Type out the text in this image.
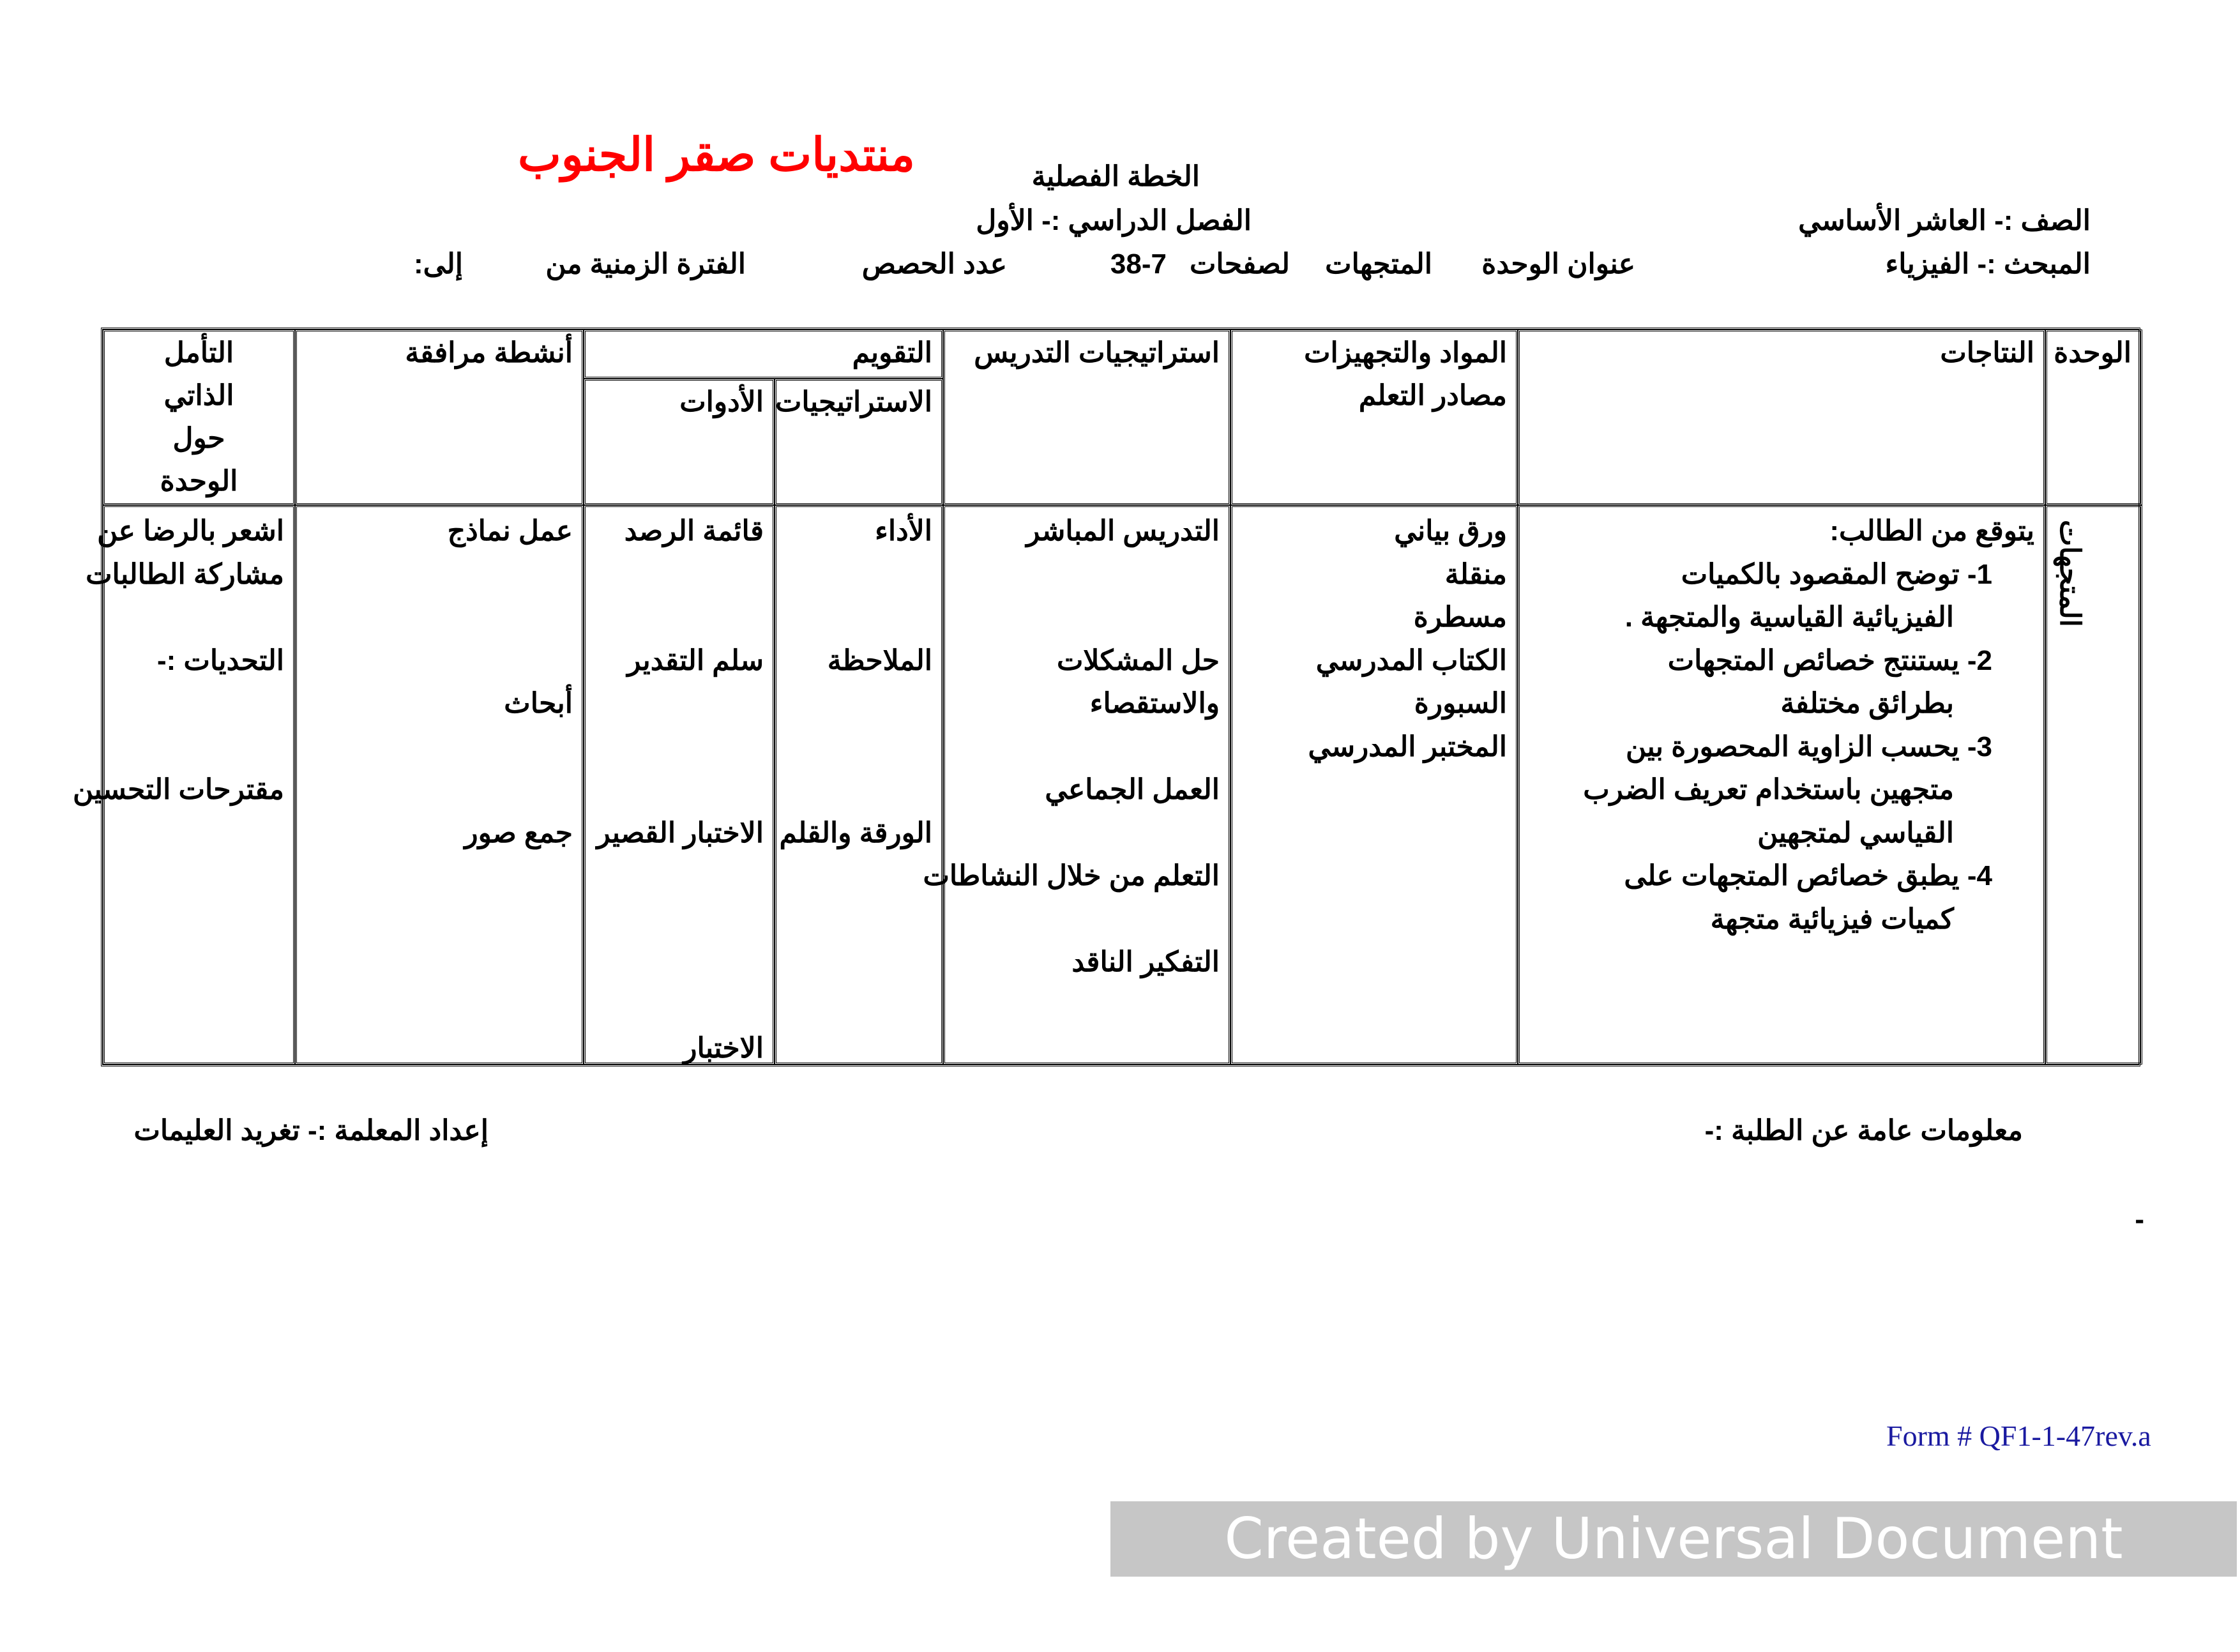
منتديات صقر الجنوب	الخطة الفصلية
الصف :- العاشر الأساسي
الفصل الدراسي :- الأول
المبحث :- الفيزياء
عنوان الوحدة
المتجهات
لصفحات
38-7
عدد الحصص
الفترة الزمنية من
إلى:
الوحدة
النتاجات
المواد والتجهيزات
مصادر التعلم
استراتيجيات التدريس
التقويم
الاستراتيجيات
الأدوات
أنشطة مرافقة
التأمل
الذاتي
حول
الوحدة
المتجهات
يتوقع من الطالب:
1- توضح المقصود بالكميات
الفيزيائية القياسية والمتجهة .
2- يستنتج خصائص المتجهات
بطرائق مختلفة
3- يحسب الزاوية المحصورة بين
متجهين باستخدام تعريف الضرب
القياسي لمتجهين
4- يطبق خصائص المتجهات على
كميات فيزيائية متجهة
ورق بياني
منقلة
مسطرة
الكتاب المدرسي
السبورة
المختبر المدرسي
التدريس المباشر
حل المشكلات
والاستقصاء
العمل الجماعي
التعلم من خلال النشاطات
التفكير الناقد
الأداء
الملاحظة
الورقة والقلم
قائمة الرصد
سلم التقدير
الاختبار القصير
الاختبار
عمل نماذج
أبحاث
جمع صور
اشعر بالرضا عن
مشاركة الطالبات
التحديات :-
مقترحات التحسين
معلومات عامة عن الطلبة :-
إعداد المعلمة :- تغريد العليمات
-
Form # QF1-1-47rev.a
Created by Universal Document Converter
